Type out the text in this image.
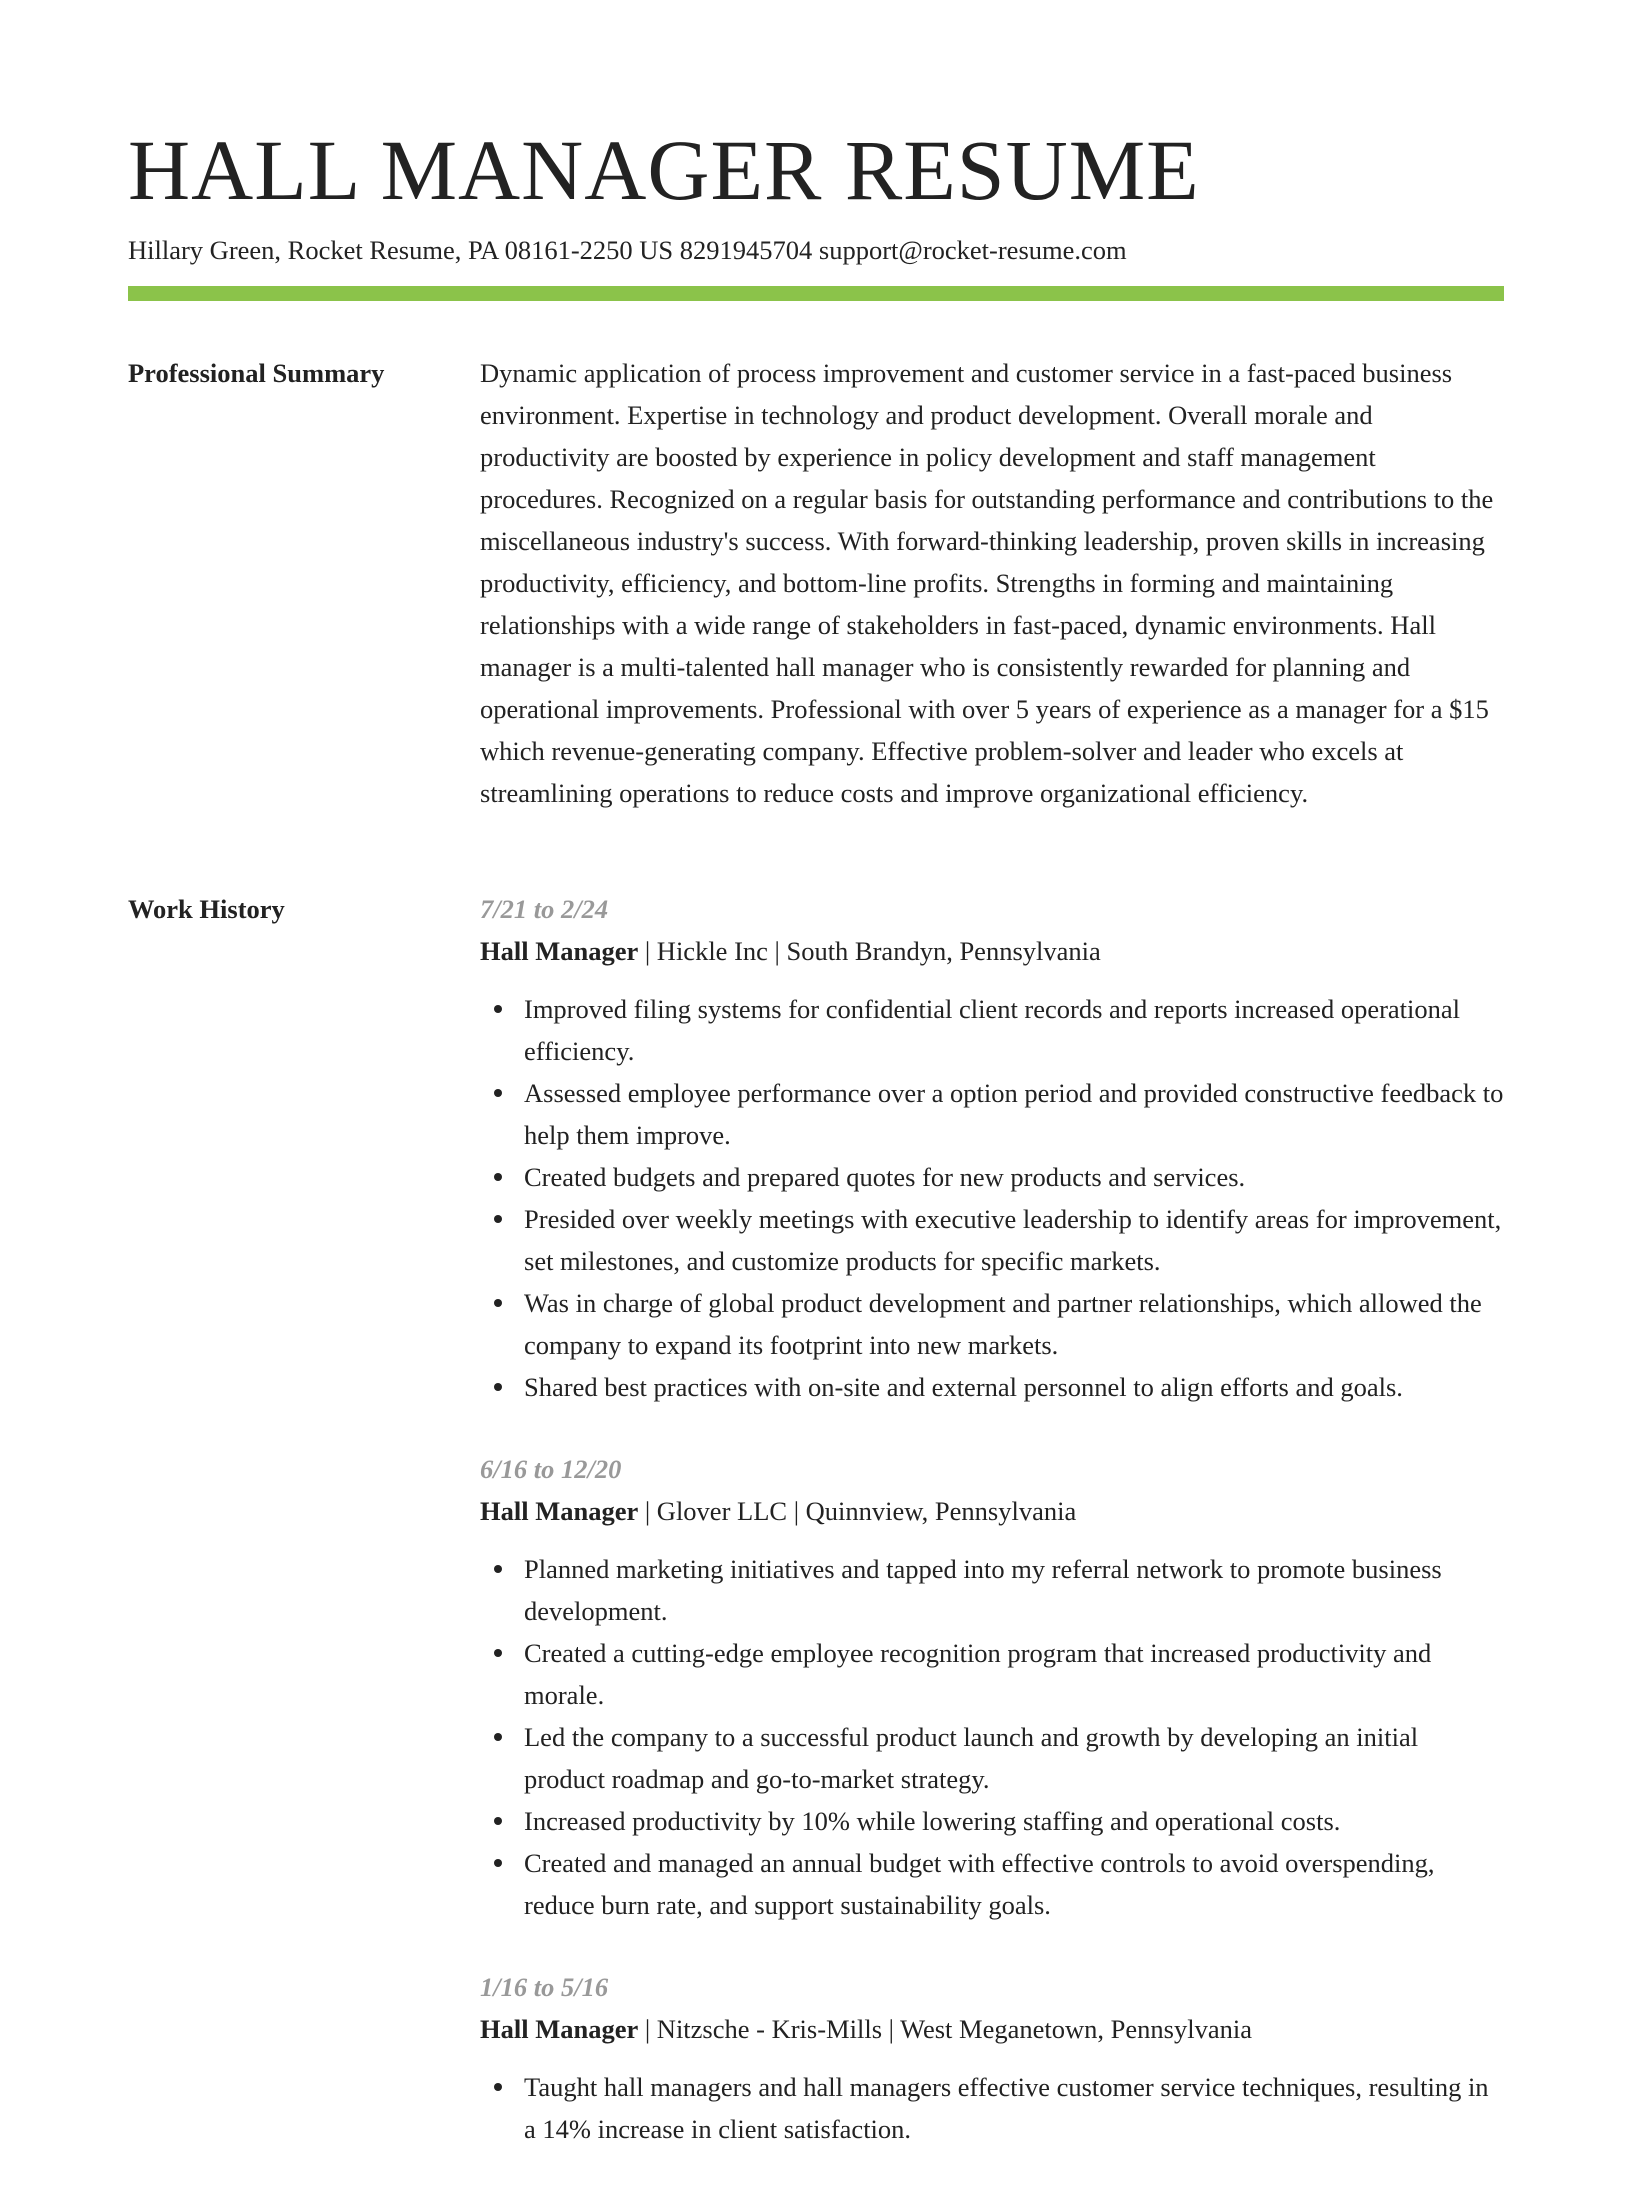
HALL MANAGER RESUME
Hillary Green, Rocket Resume, PA 08161-2250 US 8291945704 support@rocket-resume.com
Professional Summary	Dynamic application of process improvement and customer service in a fast-paced business environment. Expertise in technology and product development. Overall morale and productivity are boosted by experience in policy development and staff management procedures. Recognized on a regular basis for outstanding performance and contributions to the miscellaneous industry's success. With forward-thinking leadership, proven skills in increasing productivity, efficiency, and bottom-line profits. Strengths in forming and maintaining relationships with a wide range of stakeholders in fast-paced, dynamic environments. Hall manager is a multi-talented hall manager who is consistently rewarded for planning and operational improvements. Professional with over 5 years of experience as a manager for a $15 which revenue-generating company. Effective problem-solver and leader who excels at streamlining operations to reduce costs and improve organizational efficiency.
Work History	7/21 to 2/24
Hall Manager | Hickle Inc | South Brandyn, Pennsylvania
Improved filing systems for confidential client records and reports increased operational efficiency.
Assessed employee performance over a option period and provided constructive feedback to help them improve.
Created budgets and prepared quotes for new products and services.
Presided over weekly meetings with executive leadership to identify areas for improvement, set milestones, and customize products for specific markets.
Was in charge of global product development and partner relationships, which allowed the company to expand its footprint into new markets.
Shared best practices with on-site and external personnel to align efforts and goals.
6/16 to 12/20
Hall Manager | Glover LLC | Quinnview, Pennsylvania
Planned marketing initiatives and tapped into my referral network to promote business development.
Created a cutting-edge employee recognition program that increased productivity and morale.
Led the company to a successful product launch and growth by developing an initial product roadmap and go-to-market strategy.
Increased productivity by 10% while lowering staffing and operational costs.
Created and managed an annual budget with effective controls to avoid overspending, reduce burn rate, and support sustainability goals.
1/16 to 5/16
Hall Manager | Nitzsche - Kris-Mills | West Meganetown, Pennsylvania
Taught hall managers and hall managers effective customer service techniques, resulting in a 14% increase in client satisfaction.
